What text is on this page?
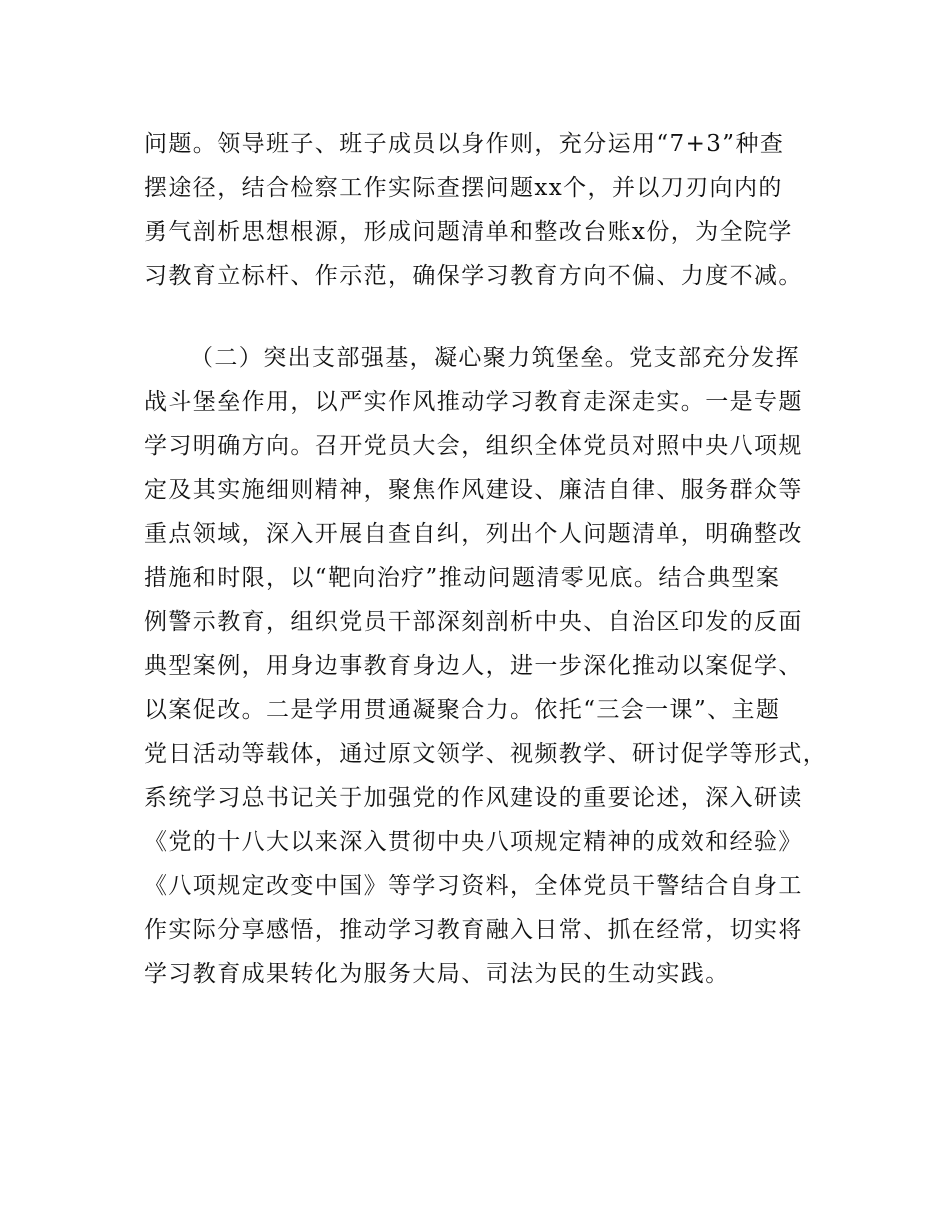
问题。领导班子、班子成员以身作则，充分运用“7+3”种查
摆途径，结合检察工作实际查摆问题xx个，并以刀刃向内的
勇气剖析思想根源，形成问题清单和整改台账x份，为全院学
习教育立标杆、作示范，确保学习教育方向不偏、力度不减。
（二）突出支部强基，凝心聚力筑堡垒。党支部充分发挥
战斗堡垒作用，以严实作风推动学习教育走深走实。一是专题
学习明确方向。召开党员大会，组织全体党员对照中央八项规
定及其实施细则精神，聚焦作风建设、廉洁自律、服务群众等
重点领域，深入开展自查自纠，列出个人问题清单，明确整改
措施和时限，以“靶向治疗”推动问题清零见底。结合典型案
例警示教育，组织党员干部深刻剖析中央、自治区印发的反面
典型案例，用身边事教育身边人，进一步深化推动以案促学、
以案促改。二是学用贯通凝聚合力。依托“三会一课”、主题
党日活动等载体，通过原文领学、视频教学、研讨促学等形式，
系统学习总书记关于加强党的作风建设的重要论述，深入研读
《党的十八大以来深入贯彻中央八项规定精神的成效和经验》
《八项规定改变中国》等学习资料，全体党员干警结合自身工
作实际分享感悟，推动学习教育融入日常、抓在经常，切实将
学习教育成果转化为服务大局、司法为民的生动实践。
